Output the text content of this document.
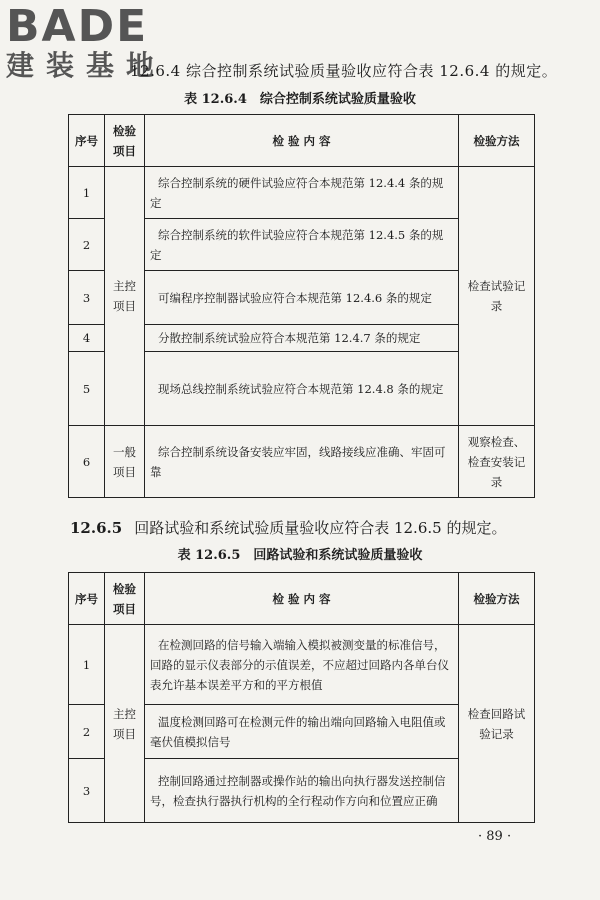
BADE
建装基地
12.6.4 综合控制系统试验质量验收应符合表 12.6.4 的规定。
表 12.6.4　综合控制系统试验质量验收
序号	检验项目	检 验 内 容	检验方法
1	主控项目	综合控制系统的硬件试验应符合本规范第 12.4.4 条的规定	检查试验记录
2		综合控制系统的软件试验应符合本规范第 12.4.5 条的规定	
3		可编程序控制器试验应符合本规范第 12.4.6 条的规定	
4		分散控制系统试验应符合本规范第 12.4.7 条的规定	
5		现场总线控制系统试验应符合本规范第 12.4.8 条的规定	
6	一般项目	综合控制系统设备安装应牢固，线路接线应准确、牢固可靠	观察检查、检查安装记录
12.6.5 回路试验和系统试验质量验收应符合表 12.6.5 的规定。
表 12.6.5　回路试验和系统试验质量验收
序号	检验项目	检 验 内 容	检验方法
1	主控项目	在检测回路的信号输入端输入模拟被测变量的标准信号，回路的显示仪表部分的示值误差，不应超过回路内各单台仪表允许基本误差平方和的平方根值	检查回路试验记录
2		温度检测回路可在检测元件的输出端向回路输入电阻值或毫伏值模拟信号	
3		控制回路通过控制器或操作站的输出向执行器发送控制信号，检查执行器执行机构的全行程动作方向和位置应正确	
· 89 ·
